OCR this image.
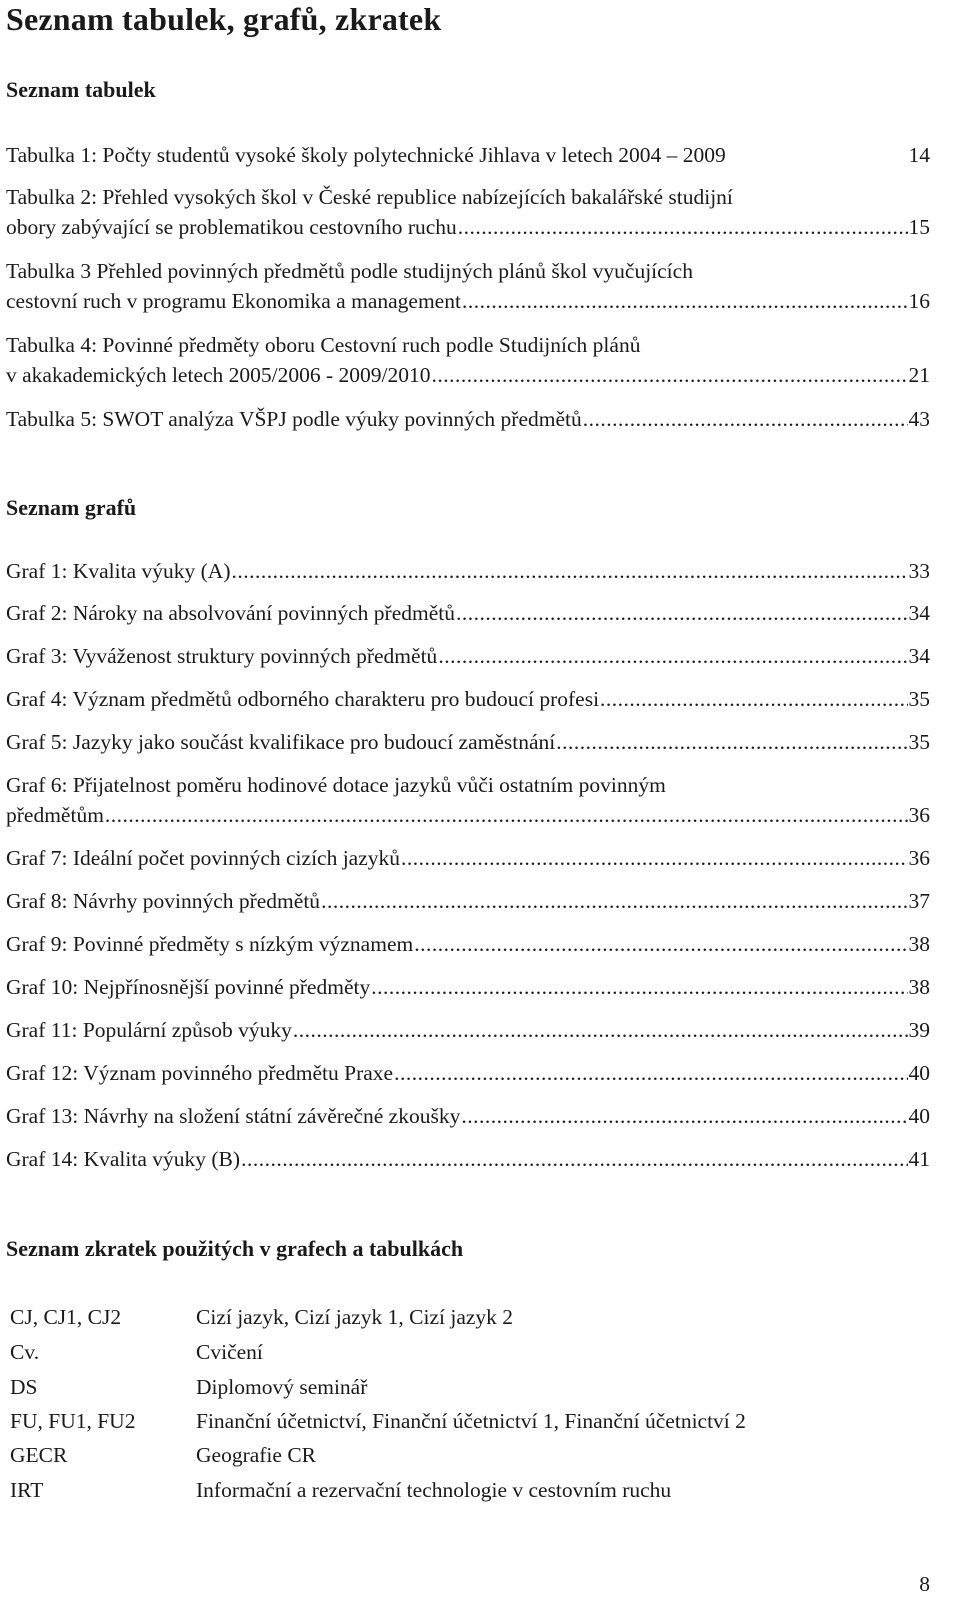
Seznam tabulek, grafů, zkratek
Seznam tabulek
Tabulka 1: Počty studentů vysoké školy polytechnické Jihlava v letech 2004 – 2009	14
Tabulka 2: Přehled vysokých škol v České republice nabízejících bakalářské studijní
obory zabývající se problematikou cestovního ruchu .....	15
Tabulka 3 Přehled povinných předmětů podle studijných plánů škol vyučujících
cestovní ruch v programu Ekonomika a management .....	16
Tabulka 4: Povinné předměty oboru Cestovní ruch podle Studijních plánů
v akakademických letech 2005/2006 - 2009/2010 .....	21
Tabulka 5: SWOT analýza VŠPJ podle výuky povinných předmětů .....	43
Seznam grafů
Graf 1: Kvalita výuky (A) .....	33
Graf 2: Nároky na absolvování povinných předmětů .....	34
Graf 3: Vyváženost struktury povinných předmětů .....	34
Graf 4: Význam předmětů odborného charakteru pro budoucí profesi .....	35
Graf 5: Jazyky jako součást kvalifikace pro budoucí zaměstnání .....	35
Graf 6: Přijatelnost poměru hodinové dotace jazyků vůči ostatním povinným
předmětům .....	36
Graf 7: Ideální počet povinných cizích jazyků .....	36
Graf 8: Návrhy povinných předmětů .....	37
Graf 9: Povinné předměty s nízkým významem .....	38
Graf 10: Nejpřínosnější povinné předměty .....	38
Graf 11: Populární způsob výuky .....	39
Graf 12: Význam povinného předmětu Praxe .....	40
Graf 13: Návrhy na složení státní závěrečné zkoušky .....	40
Graf 14: Kvalita výuky (B) .....	41
Seznam zkratek použitých v grafech a tabulkách
CJ, CJ1, CJ2	Cizí jazyk, Cizí jazyk 1, Cizí jazyk 2
Cv.	Cvičení
DS	Diplomový seminář
FU, FU1, FU2	Finanční účetnictví, Finanční účetnictví 1, Finanční účetnictví 2
GECR	Geografie CR
IRT	Informační a rezervační technologie v cestovním ruchu
8
